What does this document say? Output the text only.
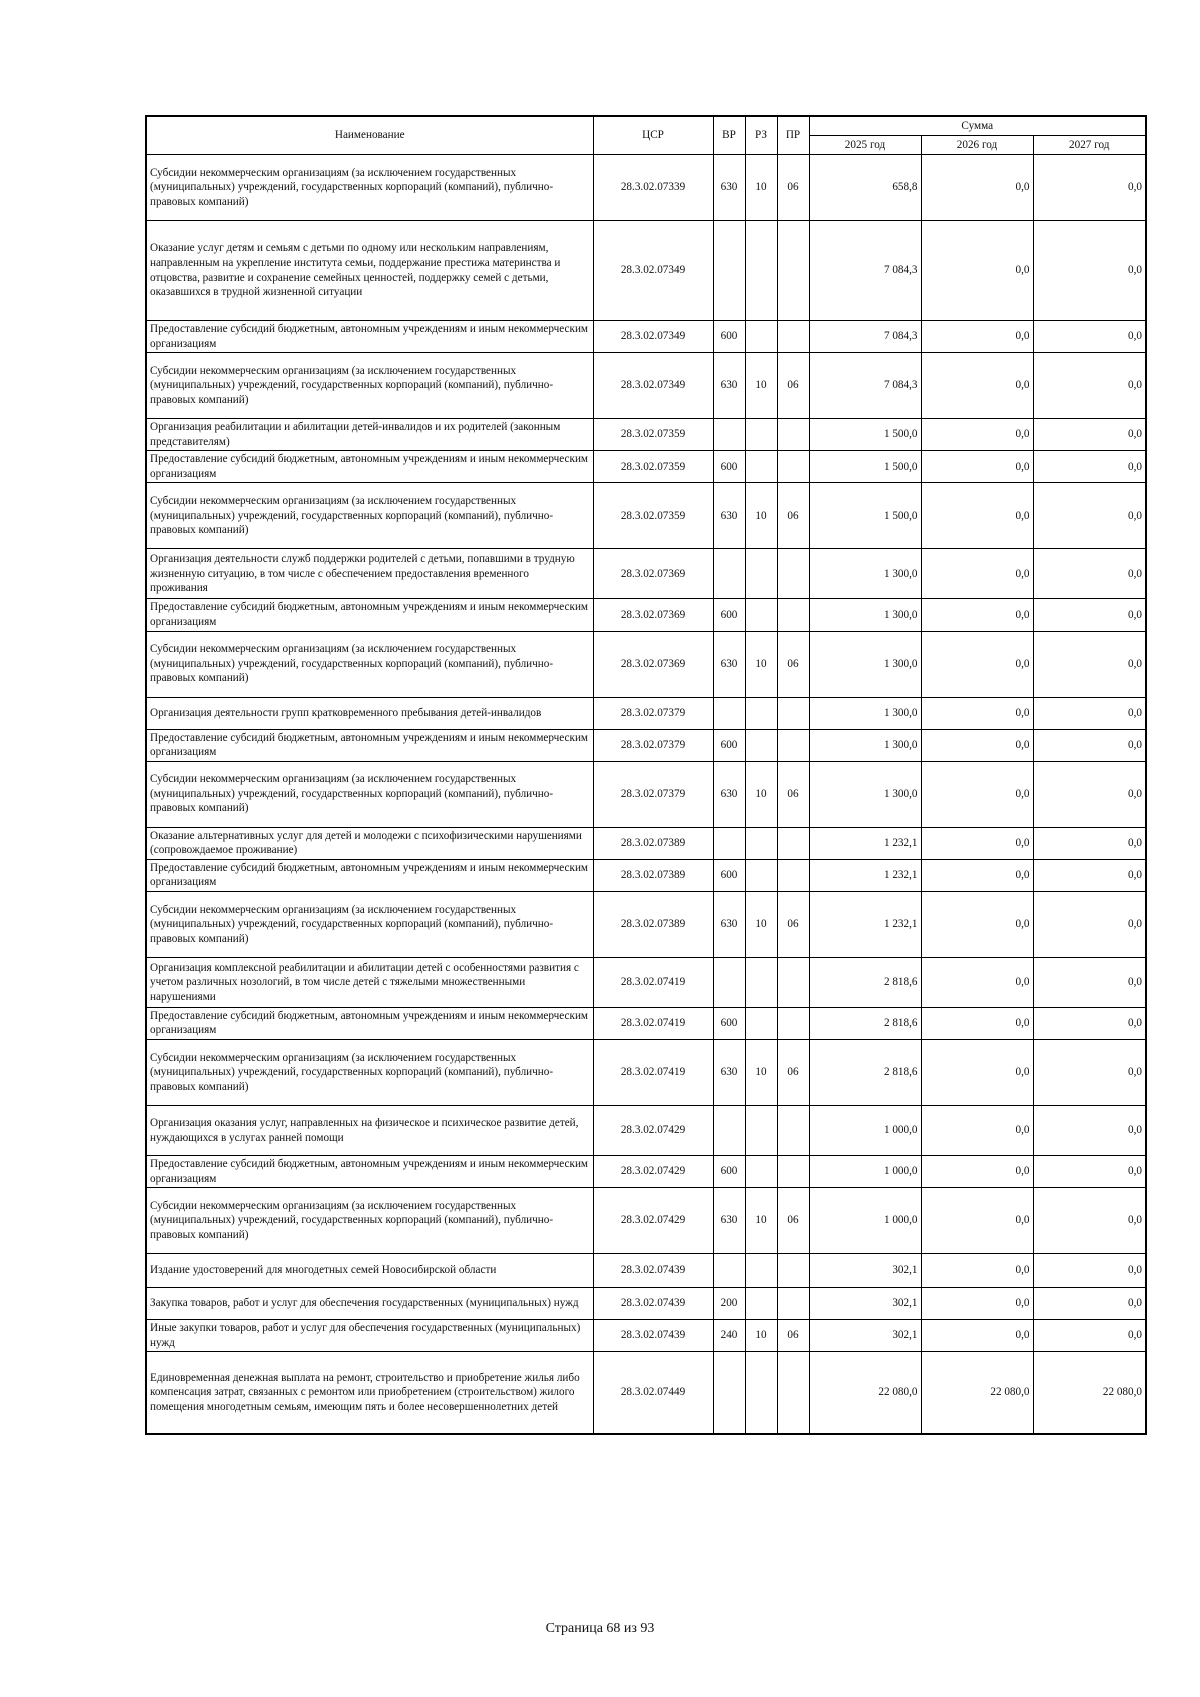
Наименование	ЦСР	ВР	РЗ	ПР	Сумма		
					2025 год	2026 год	2027 год
Субсидии некоммерческим организациям (за исключением государственных (муниципальных) учреждений, государственных корпораций (компаний), публично-правовых компаний)	28.3.02.07339	630	10	06	658,8	0,0	0,0
Оказание услуг детям и семьям с детьми по одному или нескольким направлениям, направленным на укрепление института семьи, поддержание престижа материнства и отцовства, развитие и сохранение семейных ценностей, поддержку семей с детьми, оказавшихся в трудной жизненной ситуации	28.3.02.07349				7 084,3	0,0	0,0
Предоставление субсидий бюджетным, автономным учреждениям и иным некоммерческим организациям	28.3.02.07349	600			7 084,3	0,0	0,0
Субсидии некоммерческим организациям (за исключением государственных (муниципальных) учреждений, государственных корпораций (компаний), публично-правовых компаний)	28.3.02.07349	630	10	06	7 084,3	0,0	0,0
Организация реабилитации и абилитации детей-инвалидов и их родителей (законным представителям)	28.3.02.07359				1 500,0	0,0	0,0
Предоставление субсидий бюджетным, автономным учреждениям и иным некоммерческим организациям	28.3.02.07359	600			1 500,0	0,0	0,0
Субсидии некоммерческим организациям (за исключением государственных (муниципальных) учреждений, государственных корпораций (компаний), публично-правовых компаний)	28.3.02.07359	630	10	06	1 500,0	0,0	0,0
Организация деятельности служб поддержки родителей с детьми, попавшими в трудную жизненную ситуацию, в том числе с обеспечением предоставления временного проживания	28.3.02.07369				1 300,0	0,0	0,0
Предоставление субсидий бюджетным, автономным учреждениям и иным некоммерческим организациям	28.3.02.07369	600			1 300,0	0,0	0,0
Субсидии некоммерческим организациям (за исключением государственных (муниципальных) учреждений, государственных корпораций (компаний), публично-правовых компаний)	28.3.02.07369	630	10	06	1 300,0	0,0	0,0
Организация деятельности групп кратковременного пребывания детей-инвалидов	28.3.02.07379				1 300,0	0,0	0,0
Предоставление субсидий бюджетным, автономным учреждениям и иным некоммерческим организациям	28.3.02.07379	600			1 300,0	0,0	0,0
Субсидии некоммерческим организациям (за исключением государственных (муниципальных) учреждений, государственных корпораций (компаний), публично-правовых компаний)	28.3.02.07379	630	10	06	1 300,0	0,0	0,0
Оказание альтернативных услуг для детей и молодежи с психофизическими нарушениями (сопровождаемое проживание)	28.3.02.07389				1 232,1	0,0	0,0
Предоставление субсидий бюджетным, автономным учреждениям и иным некоммерческим организациям	28.3.02.07389	600			1 232,1	0,0	0,0
Субсидии некоммерческим организациям (за исключением государственных (муниципальных) учреждений, государственных корпораций (компаний), публично-правовых компаний)	28.3.02.07389	630	10	06	1 232,1	0,0	0,0
Организация комплексной реабилитации и абилитации детей с особенностями развития с учетом различных нозологий, в том числе детей с тяжелыми множественными нарушениями	28.3.02.07419				2 818,6	0,0	0,0
Предоставление субсидий бюджетным, автономным учреждениям и иным некоммерческим организациям	28.3.02.07419	600			2 818,6	0,0	0,0
Субсидии некоммерческим организациям (за исключением государственных (муниципальных) учреждений, государственных корпораций (компаний), публично-правовых компаний)	28.3.02.07419	630	10	06	2 818,6	0,0	0,0
Организация оказания услуг, направленных на физическое и психическое развитие детей, нуждающихся в услугах ранней помощи	28.3.02.07429				1 000,0	0,0	0,0
Предоставление субсидий бюджетным, автономным учреждениям и иным некоммерческим организациям	28.3.02.07429	600			1 000,0	0,0	0,0
Субсидии некоммерческим организациям (за исключением государственных (муниципальных) учреждений, государственных корпораций (компаний), публично-правовых компаний)	28.3.02.07429	630	10	06	1 000,0	0,0	0,0
Издание удостоверений для многодетных семей Новосибирской области	28.3.02.07439				302,1	0,0	0,0
Закупка товаров, работ и услуг для обеспечения государственных (муниципальных) нужд	28.3.02.07439	200			302,1	0,0	0,0
Иные закупки товаров, работ и услуг для обеспечения государственных (муниципальных) нужд	28.3.02.07439	240	10	06	302,1	0,0	0,0
Единовременная денежная выплата на ремонт, строительство и приобретение жилья либо компенсация затрат, связанных с ремонтом или приобретением (строительством) жилого помещения многодетным семьям, имеющим пять и более несовершеннолетних детей	28.3.02.07449				22 080,0	22 080,0	22 080,0
Страница 68 из 93
